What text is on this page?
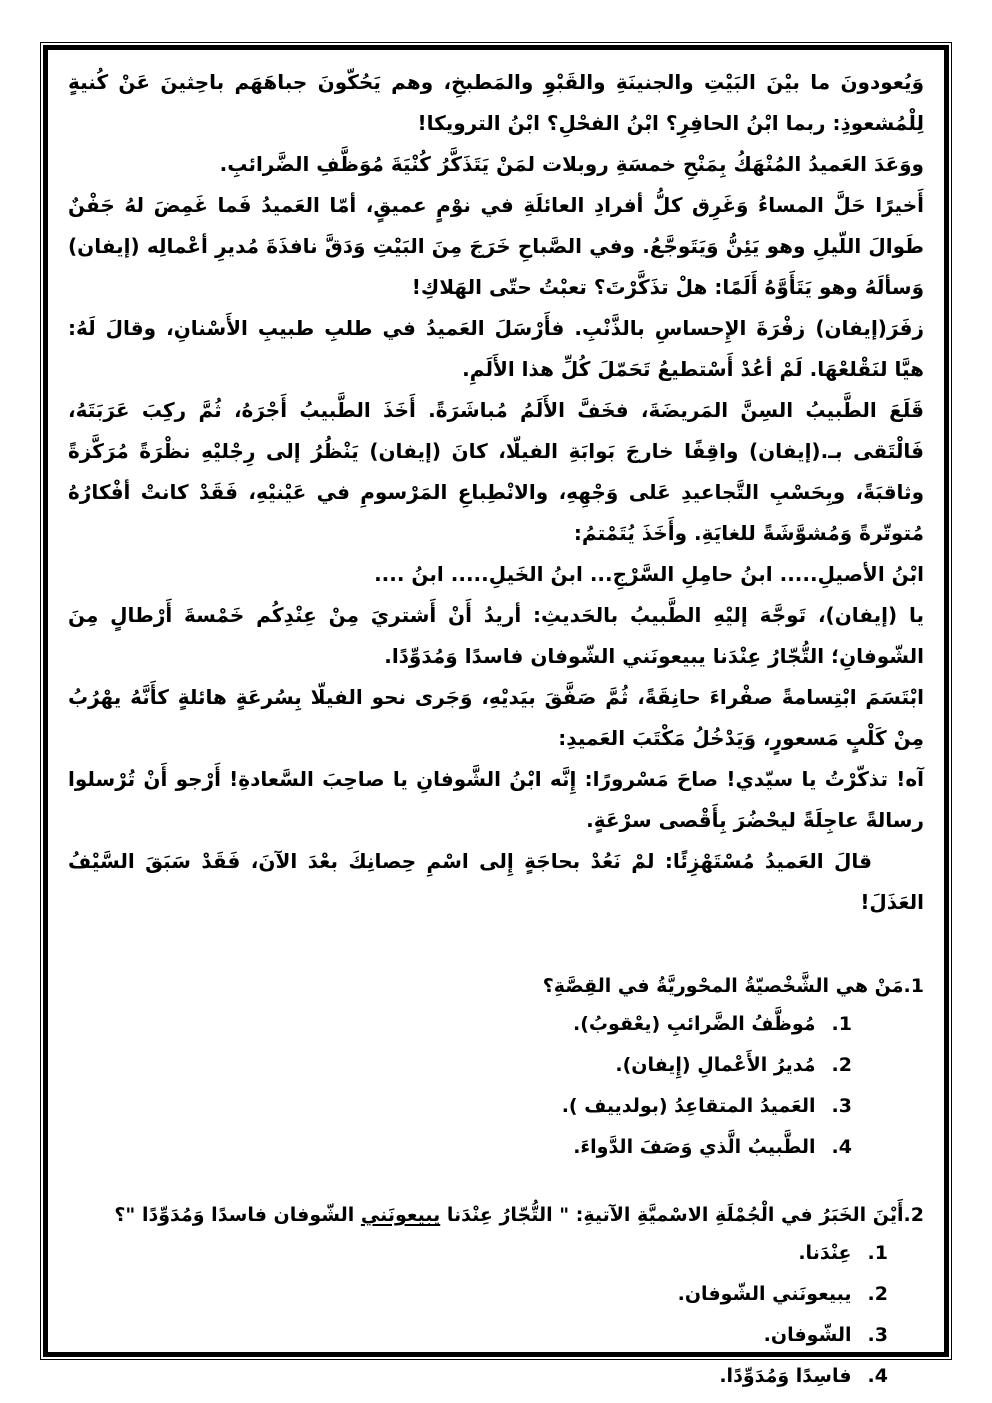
وَيُعودونَ ما بيْنَ البَيْتِ والجنينَةِ والقَبْوِ والمَطبخِ، وهم يَحُكّونَ جباهَهَم باحِثينَ عَنْ كُنيةٍ لِلْمُشعوذِ: ربما ابْنُ الحافِرِ؟ ابْنُ الفحْلِ؟ ابْنُ الترويكا!

ووَعَدَ العَميدُ المُنْهَكُ بِمَنْحِ خمسَةِ روبلات لمَنْ يَتَذَكَّرُ كُنْيَةَ مُوَظَّفِ الضَّرائبِ.

أَخيرًا حَلَّ المساءُ وَغَرِق كلُّ أفرادِ العائلَةِ في نوْمٍ عميقٍ، أمّا العَميدُ فَما غَمِضَ لهُ جَفْنٌ طَوالَ اللّيلِ وهو يَئِنُّ وَيَتَوجَّعُ. وفي الصَّباحِ خَرَجَ مِنَ البَيْتِ وَدَقَّ نافذَةَ مُديرِ أعْمالِه (إيفان) وَسألَهُ وهو يَتَأَوَّهُ أَلَمًا: هلْ تذَكَّرْتَ؟ تعبْتُ حتّى الهَلاكِ!

زفَرَ(إيفان) زفْرَةَ الإِحساسِ بالذَّنْبِ. فأَرْسَلَ العَميدُ في طلبِ طبيبِ الأَسْنانِ، وقالَ لَهُ: هيَّا لنَقْلعْهَا. لَمْ أعُدْ أَسْتطيعُ تَحَمّلَ كُلِّ هذا الأَلَمِ.

قَلَعَ الطَّبيبُ السِنَّ المَريضَةَ، فخَفَّ الأَلَمُ مُباشَرَةً. أَخَذَ الطَّبيبُ أَجْرَهُ، ثُمَّ ركِبَ عَرَبَتَهُ، فَالْتَقى بـ.(إيفان) واقِفًا خارجَ بَوابَةِ الفيلّا، كانَ (إيفان) يَنْظُرُ إلى رِجْليْهِ نظْرَةً مُرَكَّزةً وثاقبَةً، وبِحَسْبِ التَّجاعيدِ عَلى وَجْهِهِ، والانْطِباعِ المَرْسومِ في عَيْنيْهِ، فَقَدْ كانتْ أفْكارُهُ مُتوتّرةً وَمُشوَّشَةً للغايَةِ. وأَخَذَ يُتَمْتمُ:

ابْنُ الأصيلِ..... ابنُ حامِلِ السَّرْجِ... ابنُ الخَيلِ..... ابنُ ....

يا (إيفان)، تَوجَّهَ إليْهِ الطَّبيبُ بالحَديثِ: أريدُ أَنْ أَشتريَ مِنْ عِنْدِكُم خَمْسةَ أَرْطالٍ مِنَ الشّوفانِ؛ التُّجّارُ عِنْدَنا يبيعونَني الشّوفان فاسدًا وَمُدَوِّدًا.

ابْتَسَمَ ابْتِسامةً صفْراءَ حانِقَةً، ثُمَّ صَفَّقَ بيَديْهِ، وَجَرى نحو الفيلّا بِسُرعَةٍ هائلةٍ كأَنَّهُ يهْرُبُ مِنْ كَلْبٍ مَسعورٍ، وَيَدْخُلُ مَكْتَبَ العَميدِ:

آه! تذكّرْتُ يا سيّدي! صاحَ مَسْرورًا: إِنَّه ابْنُ الشَّوفانِ يا صاحِبَ السَّعادةِ! أَرْجو أَنْ تُرْسلوا رسالةً عاجِلَةً ليحْضُرَ بِأَقْصى سرْعَةٍ.

قالَ العَميدُ مُسْتَهْزِئًا: لمْ نَعُدْ بحاجَةٍ إِلى اسْمِ حِصانِكَ بعْدَ الآنَ، فَقَدْ سَبَقَ السَّيْفُ العَذَلَ!

1.مَنْ هي الشَّخْصيّةُ المحْوريَّةُ في القِصَّةِ؟
1.مُوظَّفُ الضَّرائبِ (يعْقوبُ).
2.مُديرُ الأَعْمالِ (إِيفان).
3.العَميدُ المتقاعِدُ (بولدييف ).
4.الطَّبيبُ الَّذي وَصَفَ الدَّواءَ.
2.أَيْنَ الخَبَرُ في الْجُمْلَةِ الاسْميَّةِ الآتيةِ: " التُّجّارُ عِنْدَنا يبيعونَني الشّوفان فاسدًا وَمُدَوِّدًا "؟
1.عِنْدَنا.
2.يبيعونَني الشّوفان.
3.الشّوفان.
4.فاسِدًا وَمُدَوِّدًا.
